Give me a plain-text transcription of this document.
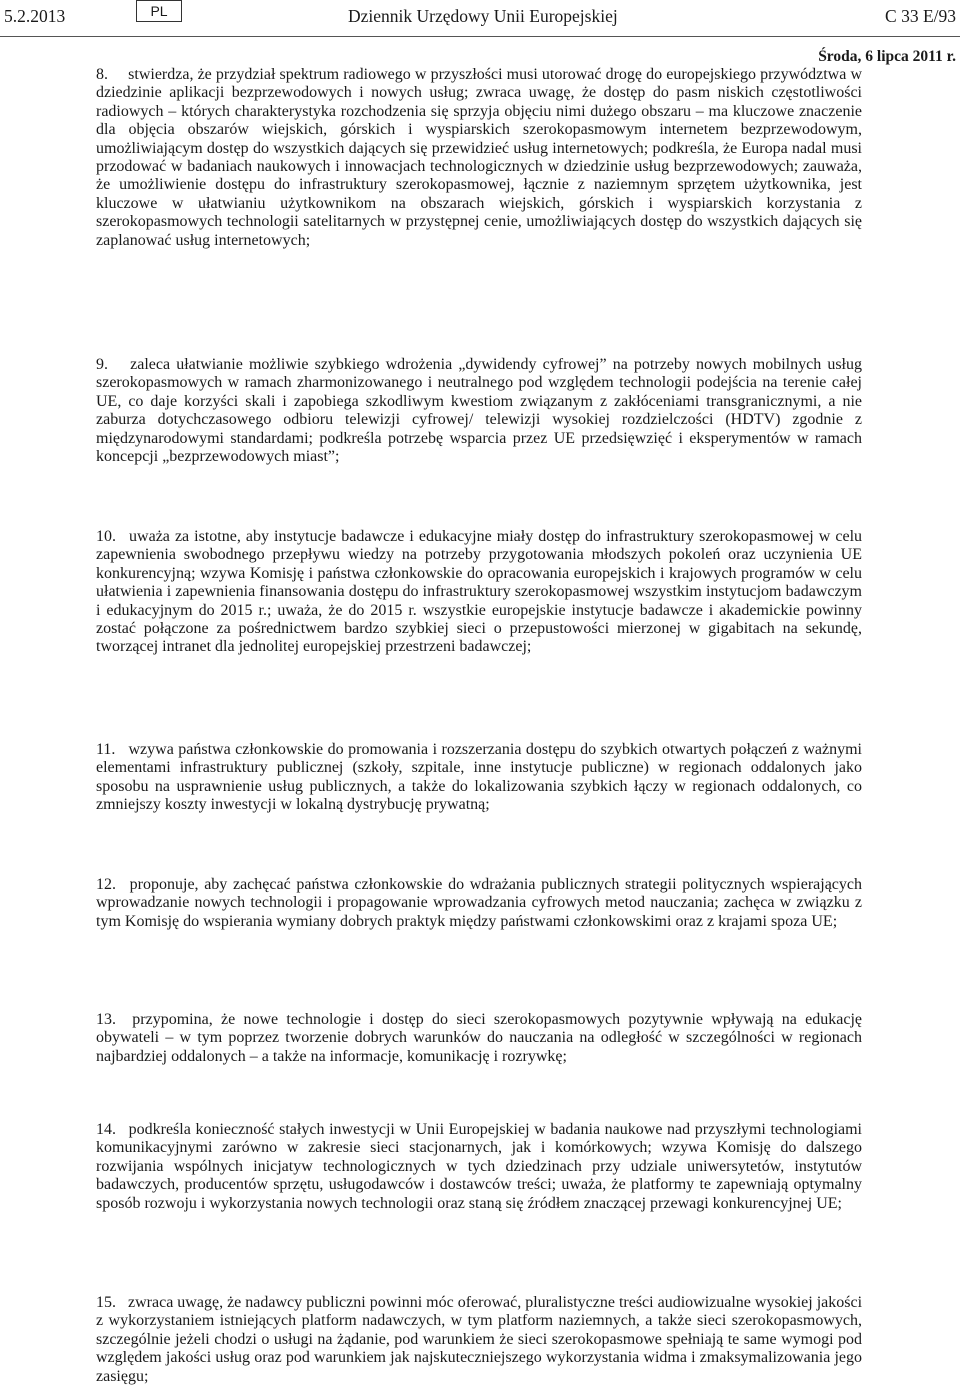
5.2.2013	PL	Dziennik Urzędowy Unii Europejskiej	C 33 E/93
Środa, 6 lipca 2011 r.
8. stwierdza, że przydział spektrum radiowego w przyszłości musi utorować drogę do europejskiego przywództwa w dziedzinie aplikacji bezprzewodowych i nowych usług; zwraca uwagę, że dostęp do pasm niskich częstotliwości radiowych – których charakterystyka rozchodzenia się sprzyja objęciu nimi dużego obszaru – ma kluczowe znaczenie dla objęcia obszarów wiejskich, górskich i wyspiarskich szerokopasmowym internetem bezprzewodowym, umożliwiającym dostęp do wszystkich dających się przewidzieć usług internetowych; podkreśla, że Europa nadal musi przodować w badaniach naukowych i innowacjach technologicznych w dziedzinie usług bezprzewodowych; zauważa, że umożliwienie dostępu do infrastruktury szerokopasmowej, łącznie z naziemnym sprzętem użytkownika, jest kluczowe w ułatwianiu użytkownikom na obszarach wiejskich, górskich i wyspiarskich korzystania z szerokopasmowych technologii satelitarnych w przystępnej cenie, umożliwiających dostęp do wszystkich dających się zaplanować usług internetowych;
9. zaleca ułatwianie możliwie szybkiego wdrożenia „dywidendy cyfrowej” na potrzeby nowych mobilnych usług szerokopasmowych w ramach zharmonizowanego i neutralnego pod względem technologii podejścia na terenie całej UE, co daje korzyści skali i zapobiega szkodliwym kwestiom związanym z zakłóceniami transgranicznymi, a nie zaburza dotychczasowego odbioru telewizji cyfrowej/ telewizji wysokiej rozdzielczości (HDTV) zgodnie z międzynarodowymi standardami; podkreśla potrzebę wsparcia przez UE przedsięwzięć i eksperymentów w ramach koncepcji „bezprzewodowych miast”;
10. uważa za istotne, aby instytucje badawcze i edukacyjne miały dostęp do infrastruktury szerokopasmowej w celu zapewnienia swobodnego przepływu wiedzy na potrzeby przygotowania młodszych pokoleń oraz uczynienia UE konkurencyjną; wzywa Komisję i państwa członkowskie do opracowania europejskich i krajowych programów w celu ułatwienia i zapewnienia finansowania dostępu do infrastruktury szerokopasmowej wszystkim instytucjom badawczym i edukacyjnym do 2015 r.; uważa, że do 2015 r. wszystkie europejskie instytucje badawcze i akademickie powinny zostać połączone za pośrednictwem bardzo szybkiej sieci o przepustowości mierzonej w gigabitach na sekundę, tworzącej intranet dla jednolitej europejskiej przestrzeni badawczej;
11. wzywa państwa członkowskie do promowania i rozszerzania dostępu do szybkich otwartych połączeń z ważnymi elementami infrastruktury publicznej (szkoły, szpitale, inne instytucje publiczne) w regionach oddalonych jako sposobu na usprawnienie usług publicznych, a także do lokalizowania szybkich łączy w regionach oddalonych, co zmniejszy koszty inwestycji w lokalną dystrybucję prywatną;
12. proponuje, aby zachęcać państwa członkowskie do wdrażania publicznych strategii politycznych wspierających wprowadzanie nowych technologii i propagowanie wprowadzania cyfrowych metod nauczania; zachęca w związku z tym Komisję do wspierania wymiany dobrych praktyk między państwami członkowskimi oraz z krajami spoza UE;
13. przypomina, że nowe technologie i dostęp do sieci szerokopasmowych pozytywnie wpływają na edukację obywateli – w tym poprzez tworzenie dobrych warunków do nauczania na odległość w szczególności w regionach najbardziej oddalonych – a także na informacje, komunikację i rozrywkę;
14. podkreśla konieczność stałych inwestycji w Unii Europejskiej w badania naukowe nad przyszłymi technologiami komunikacyjnymi zarówno w zakresie sieci stacjonarnych, jak i komórkowych; wzywa Komisję do dalszego rozwijania wspólnych inicjatyw technologicznych w tych dziedzinach przy udziale uniwersytetów, instytutów badawczych, producentów sprzętu, usługodawców i dostawców treści; uważa, że platformy te zapewniają optymalny sposób rozwoju i wykorzystania nowych technologii oraz staną się źródłem znaczącej przewagi konkurencyjnej UE;
15. zwraca uwagę, że nadawcy publiczni powinni móc oferować, pluralistyczne treści audiowizualne wysokiej jakości z wykorzystaniem istniejących platform nadawczych, w tym platform naziemnych, a także sieci szerokopasmowych, szczególnie jeżeli chodzi o usługi na żądanie, pod warunkiem że sieci szerokopasmowe spełniają te same wymogi pod względem jakości usług oraz pod warunkiem jak najskuteczniejszego wykorzystania widma i zmaksymalizowania jego zasięgu;
